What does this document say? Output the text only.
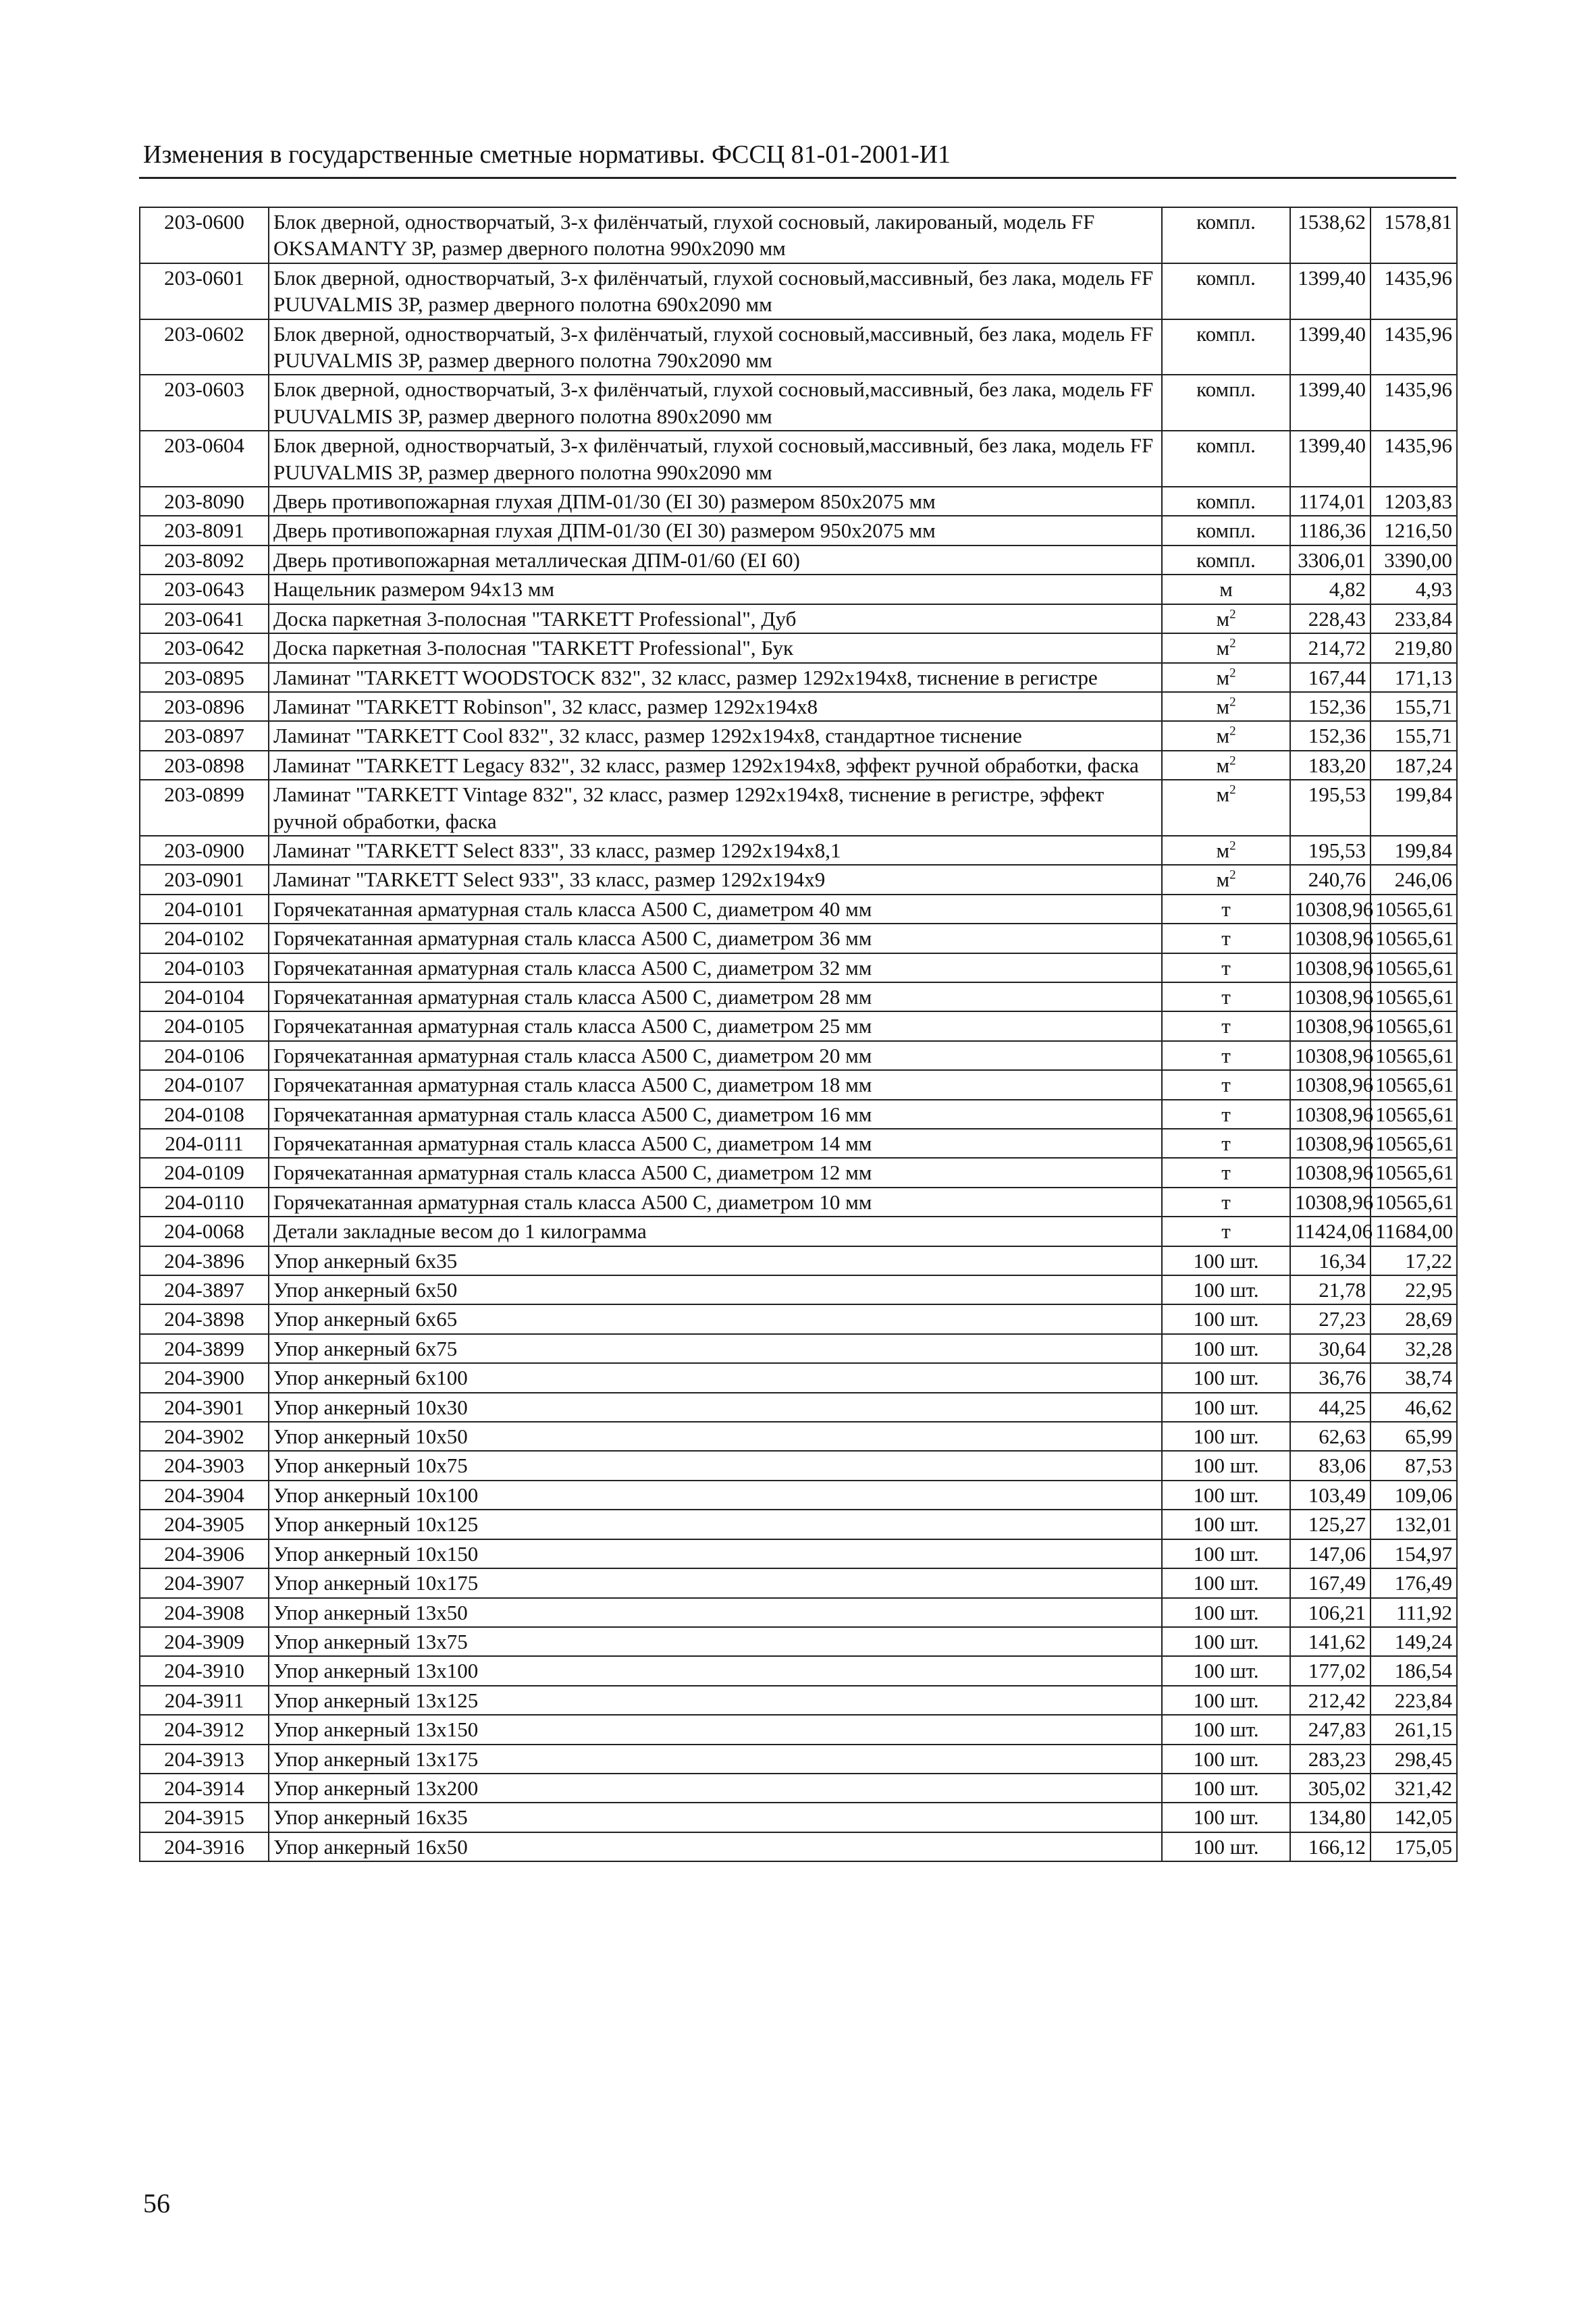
Изменения в государственные сметные нормативы. ФССЦ 81-01-2001-И1
203-0600	Блок дверной, одностворчатый, 3-х филёнчатый, глухой сосновый, лакированый, модель FF OKSAMANTY 3P, размер дверного полотна 990х2090 мм	компл.	1538,62	1578,81
203-0601	Блок дверной, одностворчатый, 3-х филёнчатый, глухой сосновый,массивный, без лака, модель FF PUUVALMIS 3P, размер дверного полотна 690х2090 мм	компл.	1399,40	1435,96
203-0602	Блок дверной, одностворчатый, 3-х филёнчатый, глухой сосновый,массивный, без лака, модель FF PUUVALMIS 3P, размер дверного полотна 790х2090 мм	компл.	1399,40	1435,96
203-0603	Блок дверной, одностворчатый, 3-х филёнчатый, глухой сосновый,массивный, без лака, модель FF PUUVALMIS 3P, размер дверного полотна 890х2090 мм	компл.	1399,40	1435,96
203-0604	Блок дверной, одностворчатый, 3-х филёнчатый, глухой сосновый,массивный, без лака, модель FF PUUVALMIS 3P, размер дверного полотна 990х2090 мм	компл.	1399,40	1435,96
203-8090	Дверь противопожарная глухая ДПМ-01/30 (EI 30) размером 850х2075 мм	компл.	1174,01	1203,83
203-8091	Дверь противопожарная глухая ДПМ-01/30 (EI 30) размером 950х2075 мм	компл.	1186,36	1216,50
203-8092	Дверь противопожарная металлическая ДПМ-01/60 (EI 60)	компл.	3306,01	3390,00
203-0643	Нащельник размером 94х13 мм	м	4,82	4,93
203-0641	Доска паркетная 3-полосная "TARKETT Professional", Дуб	$м^2$	228,43	233,84
203-0642	Доска паркетная 3-полосная "TARKETT Professional", Бук	$м^2$	214,72	219,80
203-0895	Ламинат "TARKETT WOODSTOCK 832", 32 класс, размер 1292х194х8, тиснение в регистре	$м^2$	167,44	171,13
203-0896	Ламинат "TARKETT Robinson", 32 класс, размер 1292х194х8	$м^2$	152,36	155,71
203-0897	Ламинат "TARKETT Cool 832", 32 класс, размер 1292х194х8, стандартное тиснение	$м^2$	152,36	155,71
203-0898	Ламинат "TARKETT Legacy 832", 32 класс, размер 1292х194х8, эффект ручной обработки, фаска	$м^2$	183,20	187,24
203-0899	Ламинат "TARKETT Vintage 832", 32 класс, размер 1292х194х8, тиснение в регистре, эффект ручной обработки, фаска	$м^2$	195,53	199,84
203-0900	Ламинат "TARKETT Select 833", 33 класс, размер 1292х194х8,1	$м^2$	195,53	199,84
203-0901	Ламинат "TARKETT Select 933", 33 класс, размер 1292х194х9	$м^2$	240,76	246,06
204-0101	Горячекатанная арматурная сталь класса А500 С, диаметром 40 мм	т	10308,96	10565,61
204-0102	Горячекатанная арматурная сталь класса А500 С, диаметром 36 мм	т	10308,96	10565,61
204-0103	Горячекатанная арматурная сталь класса А500 С, диаметром 32 мм	т	10308,96	10565,61
204-0104	Горячекатанная арматурная сталь класса А500 С, диаметром 28 мм	т	10308,96	10565,61
204-0105	Горячекатанная арматурная сталь класса А500 С, диаметром 25 мм	т	10308,96	10565,61
204-0106	Горячекатанная арматурная сталь класса А500 С, диаметром 20 мм	т	10308,96	10565,61
204-0107	Горячекатанная арматурная сталь класса А500 С, диаметром 18 мм	т	10308,96	10565,61
204-0108	Горячекатанная арматурная сталь класса А500 С, диаметром 16 мм	т	10308,96	10565,61
204-0111	Горячекатанная арматурная сталь класса А500 С, диаметром 14 мм	т	10308,96	10565,61
204-0109	Горячекатанная арматурная сталь класса А500 С, диаметром 12 мм	т	10308,96	10565,61
204-0110	Горячекатанная арматурная сталь класса А500 С, диаметром 10 мм	т	10308,96	10565,61
204-0068	Детали закладные весом до 1 килограмма	т	11424,06	11684,00
204-3896	Упор анкерный 6х35	100 шт.	16,34	17,22
204-3897	Упор анкерный 6х50	100 шт.	21,78	22,95
204-3898	Упор анкерный 6х65	100 шт.	27,23	28,69
204-3899	Упор анкерный 6х75	100 шт.	30,64	32,28
204-3900	Упор анкерный 6х100	100 шт.	36,76	38,74
204-3901	Упор анкерный 10х30	100 шт.	44,25	46,62
204-3902	Упор анкерный 10х50	100 шт.	62,63	65,99
204-3903	Упор анкерный 10х75	100 шт.	83,06	87,53
204-3904	Упор анкерный 10х100	100 шт.	103,49	109,06
204-3905	Упор анкерный 10х125	100 шт.	125,27	132,01
204-3906	Упор анкерный 10х150	100 шт.	147,06	154,97
204-3907	Упор анкерный 10х175	100 шт.	167,49	176,49
204-3908	Упор анкерный 13х50	100 шт.	106,21	111,92
204-3909	Упор анкерный 13х75	100 шт.	141,62	149,24
204-3910	Упор анкерный 13х100	100 шт.	177,02	186,54
204-3911	Упор анкерный 13х125	100 шт.	212,42	223,84
204-3912	Упор анкерный 13х150	100 шт.	247,83	261,15
204-3913	Упор анкерный 13х175	100 шт.	283,23	298,45
204-3914	Упор анкерный 13х200	100 шт.	305,02	321,42
204-3915	Упор анкерный 16х35	100 шт.	134,80	142,05
204-3916	Упор анкерный 16х50	100 шт.	166,12	175,05
56
